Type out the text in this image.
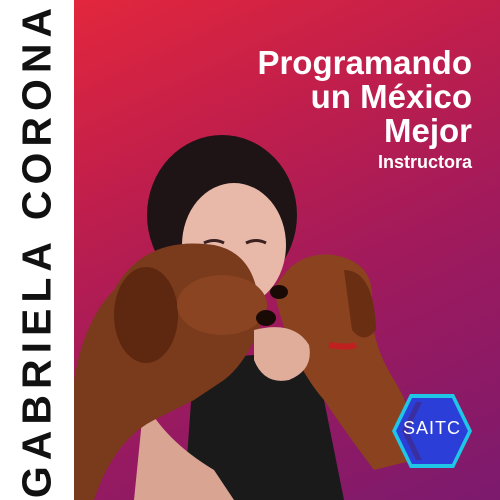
GABRIELA CORONA	Programando
un México
Mejor
Instructora
SAITC
